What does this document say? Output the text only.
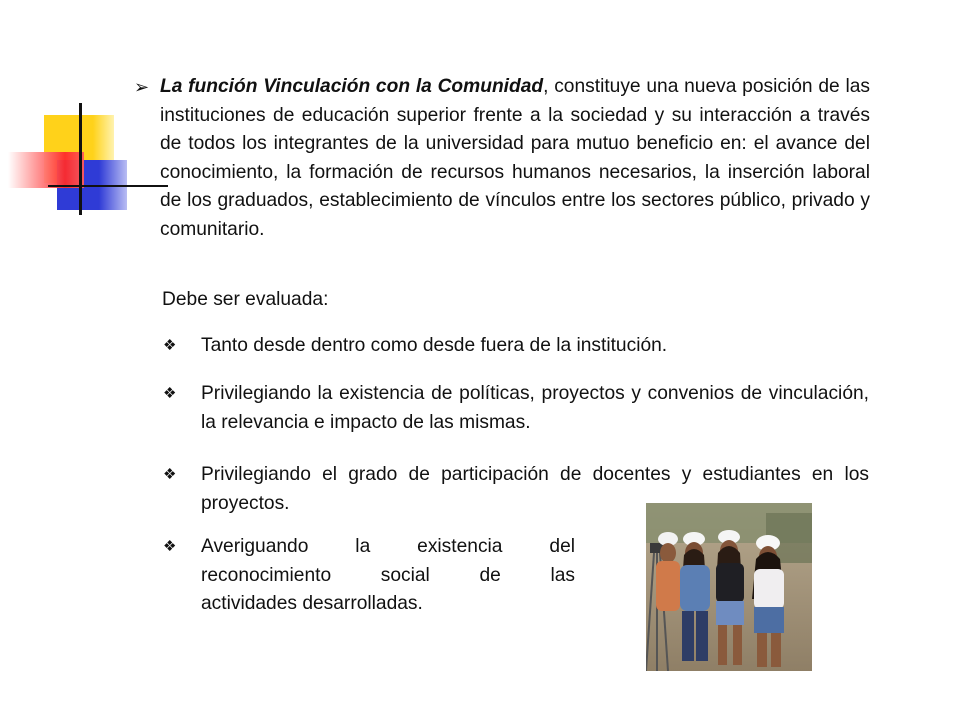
➢ La función Vinculación con la Comunidad, constituye una nueva posición de las instituciones de educación superior frente a la sociedad y su interacción a través de todos los integrantes de la universidad para mutuo beneficio en: el avance del conocimiento, la formación de recursos humanos necesarios, la inserción laboral de los graduados, establecimiento de vínculos entre los sectores público, privado y comunitario.
Debe ser evaluada:
❖	Tanto desde dentro como desde fuera de la institución.
❖	Privilegiando la existencia de políticas, proyectos y convenios de vinculación, la relevancia e impacto de las mismas.
❖	Privilegiando el grado de participación de docentes y estudiantes en los proyectos.
❖	Averiguando la existencia del reconocimiento social de las
actividades desarrolladas.
